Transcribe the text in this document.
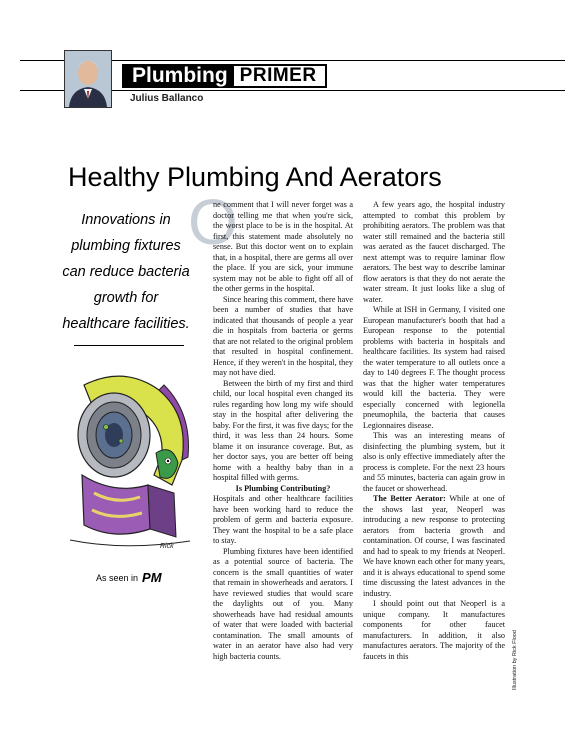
Plumbing PRIMER
Julius Ballanco
Healthy Plumbing And Aerators
Innovations in plumbing fixtures can reduce bacteria growth for healthcare facilities.
Rick
As seen in PM
O

ne comment that I will never forget was a doctor telling me that when you're sick, the worst place to be is in the hospital. At first, this statement made absolutely no sense. But this doctor went on to explain that, in a hospital, there are germs all over the place. If you are sick, your immune system may not be able to fight off all of the other germs in the hospital.

Since hearing this comment, there have been a number of studies that have indicated that thousands of people a year die in hospitals from bacteria or germs that are not related to the original problem that resulted in hospital confinement. Hence, if they weren't in the hospital, they may not have died.

Between the birth of my first and third child, our local hospital even changed its rules regarding how long my wife should stay in the hospital after delivering the baby. For the first, it was five days; for the third, it was less than 24 hours. Some blame it on insurance coverage. But, as her doctor says, you are better off being home with a healthy baby than in a hospital filled with germs.

Is Plumbing Contributing?

Hospitals and other healthcare facilities have been working hard to reduce the problem of germ and bacteria exposure. They want the hospital to be a safe place to stay.

Plumbing fixtures have been identified as a potential source of bacteria. The concern is the small quantities of water that remain in showerheads and aerators. I have reviewed studies that would scare the daylights out of you. Many showerheads have had residual amounts of water that were loaded with bacterial contamination. The small amounts of water in an aerator have also had very high bacteria counts.

A few years ago, the hospital industry attempted to combat this problem by prohibiting aerators. The problem was that water still remained and the bacteria still was aerated as the faucet discharged. The next attempt was to require laminar flow aerators. The best way to describe laminar flow aerators is that they do not aerate the water stream. It just looks like a slug of water.

While at ISH in Germany, I visited one European manufacturer's booth that had a European response to the potential problems with bacteria in hospitals and healthcare facilities. Its system had raised the water temperature to all outlets once a day to 140 degrees F. The thought process was that the higher water temperatures would kill the bacteria. They were especially concerned with legionella pneumophila, the bacteria that causes Legionnaires disease.

This was an interesting means of disinfecting the plumbing system, but it also is only effective immediately after the process is complete. For the next 23 hours and 55 minutes, bacteria can again grow in the faucet or showerhead.

The Better Aerator: While at one of the shows last year, Neoperl was introducing a new response to protecting aerators from bacteria growth and contamination. Of course, I was fascinated and had to speak to my friends at Neoperl. We have known each other for many years, and it is always educational to spend some time discussing the latest advances in the industry.

I should point out that Neoperl is a unique company. It manufactures components for other faucet manufacturers. In addition, it also manufactures aerators. The majority of the faucets in this	Illustration by Rick Flood
